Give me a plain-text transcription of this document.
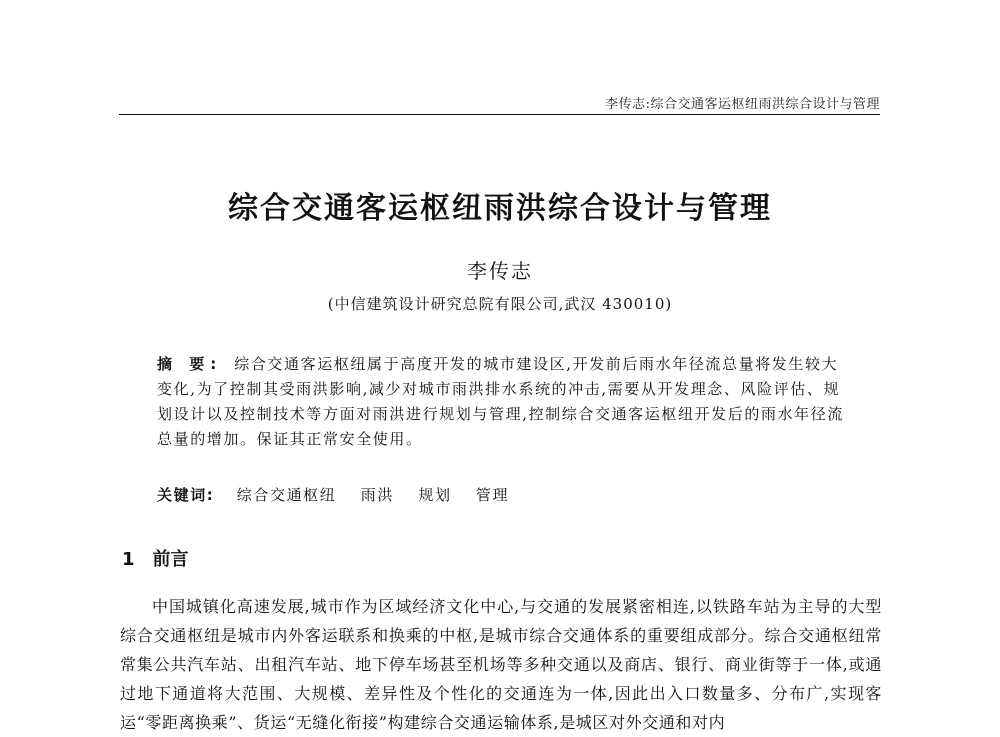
李传志:综合交通客运枢纽雨洪综合设计与管理
综合交通客运枢纽雨洪综合设计与管理
李传志
(中信建筑设计研究总院有限公司,武汉 430010)
摘 要: 综合交通客运枢纽属于高度开发的城市建设区,开发前后雨水年径流总量将发生较大变化,为了控制其受雨洪影响,减少对城市雨洪排水系统的冲击,需要从开发理念、风险评估、规划设计以及控制技术等方面对雨洪进行规划与管理,控制综合交通客运枢纽开发后的雨水年径流总量的增加。保证其正常安全使用。
关键词: 综合交通枢纽 雨洪 规划 管理
1 前言
中国城镇化高速发展,城市作为区域经济文化中心,与交通的发展紧密相连,以铁路车站为主导的大型综合交通枢纽是城市内外客运联系和换乘的中枢,是城市综合交通体系的重要组成部分。综合交通枢纽常常集公共汽车站、出租汽车站、地下停车场甚至机场等多种交通以及商店、银行、商业街等于一体,或通过地下通道将大范围、大规模、差异性及个性化的交通连为一体,因此出入口数量多、分布广,实现客运“零距离换乘”、货运“无缝化衔接”构建综合交通运输体系,是城区对外交通和对内
